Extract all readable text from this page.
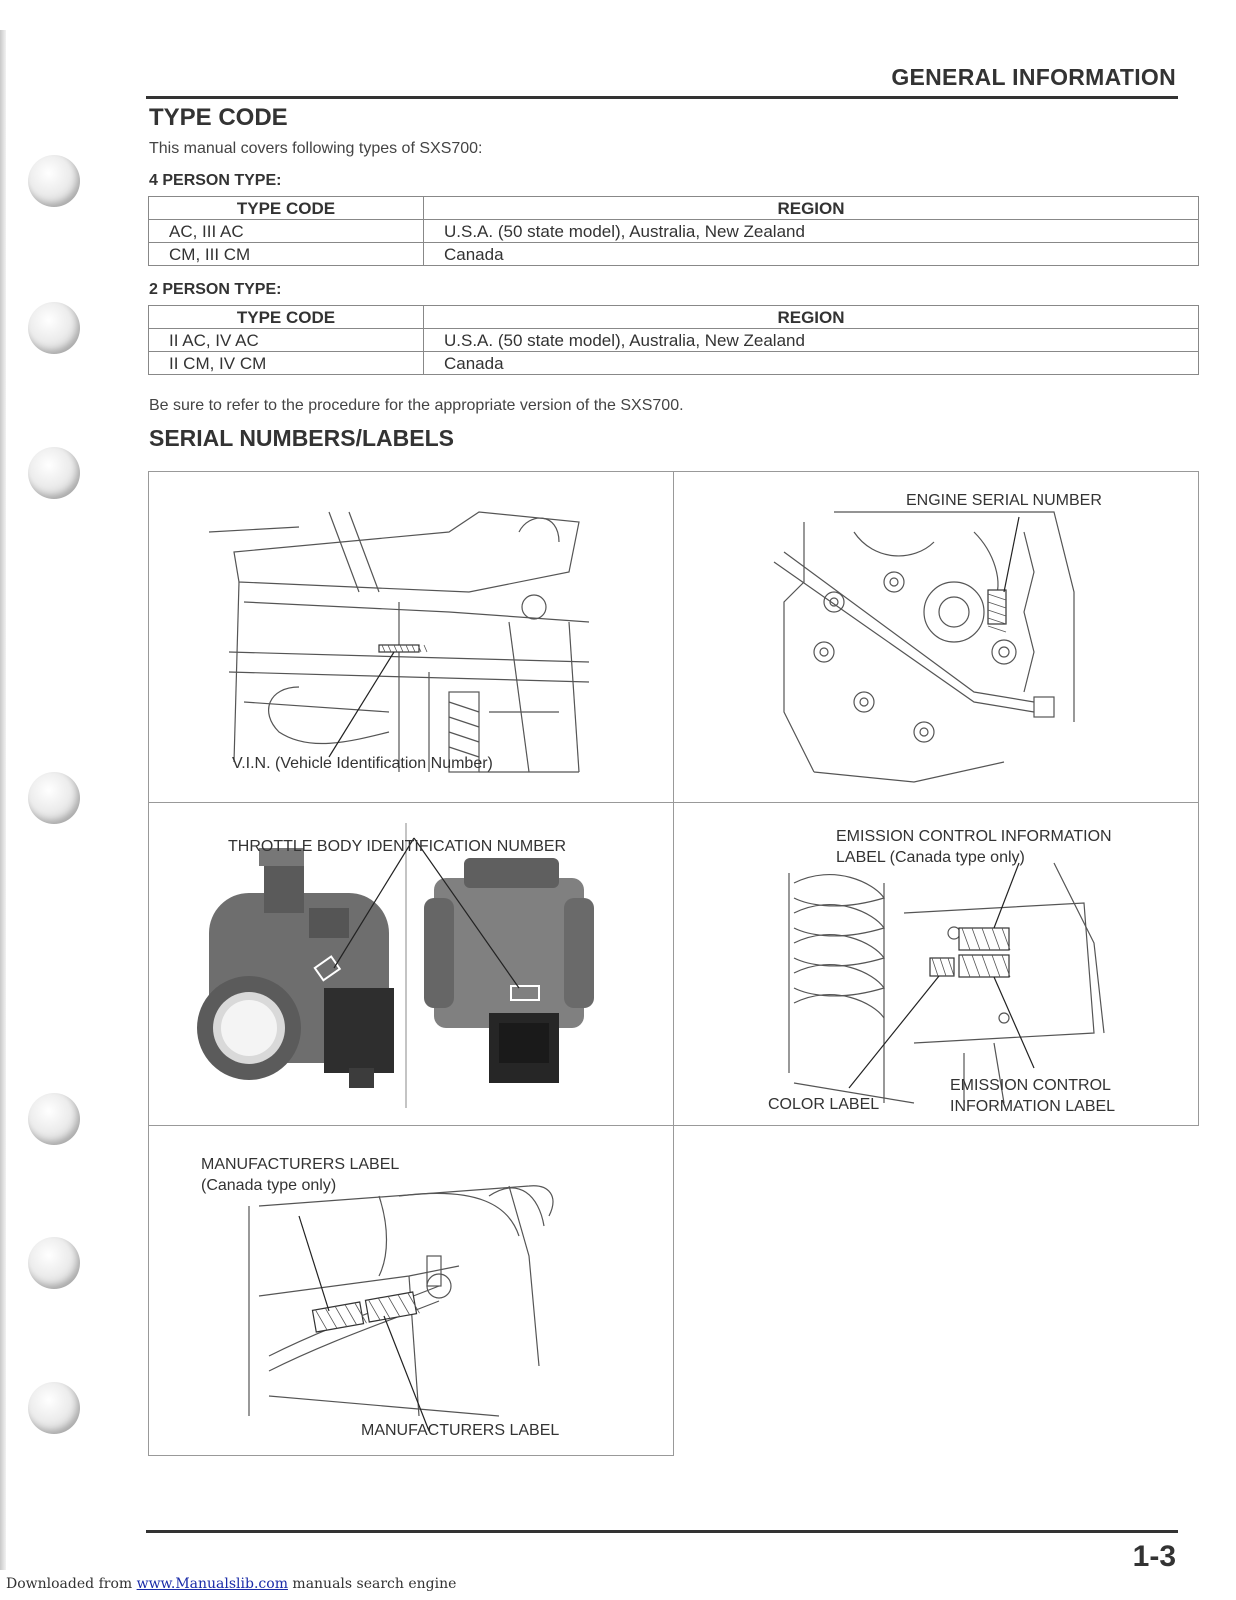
GENERAL INFORMATION
TYPE CODE
This manual covers following types of SXS700:
4 PERSON TYPE:
TYPE CODE	REGION
AC, III AC	U.S.A. (50 state model), Australia, New Zealand
CM, III CM	Canada
2 PERSON TYPE:
TYPE CODE	REGION
II AC, IV AC	U.S.A. (50 state model), Australia, New Zealand
II CM, IV CM	Canada
Be sure to refer to the procedure for the appropriate version of the SXS700.
SERIAL NUMBERS/LABELS
V.I.N. (Vehicle Identification Number)
ENGINE SERIAL NUMBER
THROTTLE BODY IDENTIFICATION NUMBER
EMISSION CONTROL INFORMATION
LABEL (Canada type only)
COLOR LABEL
EMISSION CONTROL
INFORMATION LABEL
MANUFACTURERS LABEL
(Canada type only)
MANUFACTURERS LABEL
1-3
Downloaded from www.Manualslib.com manuals search engine
